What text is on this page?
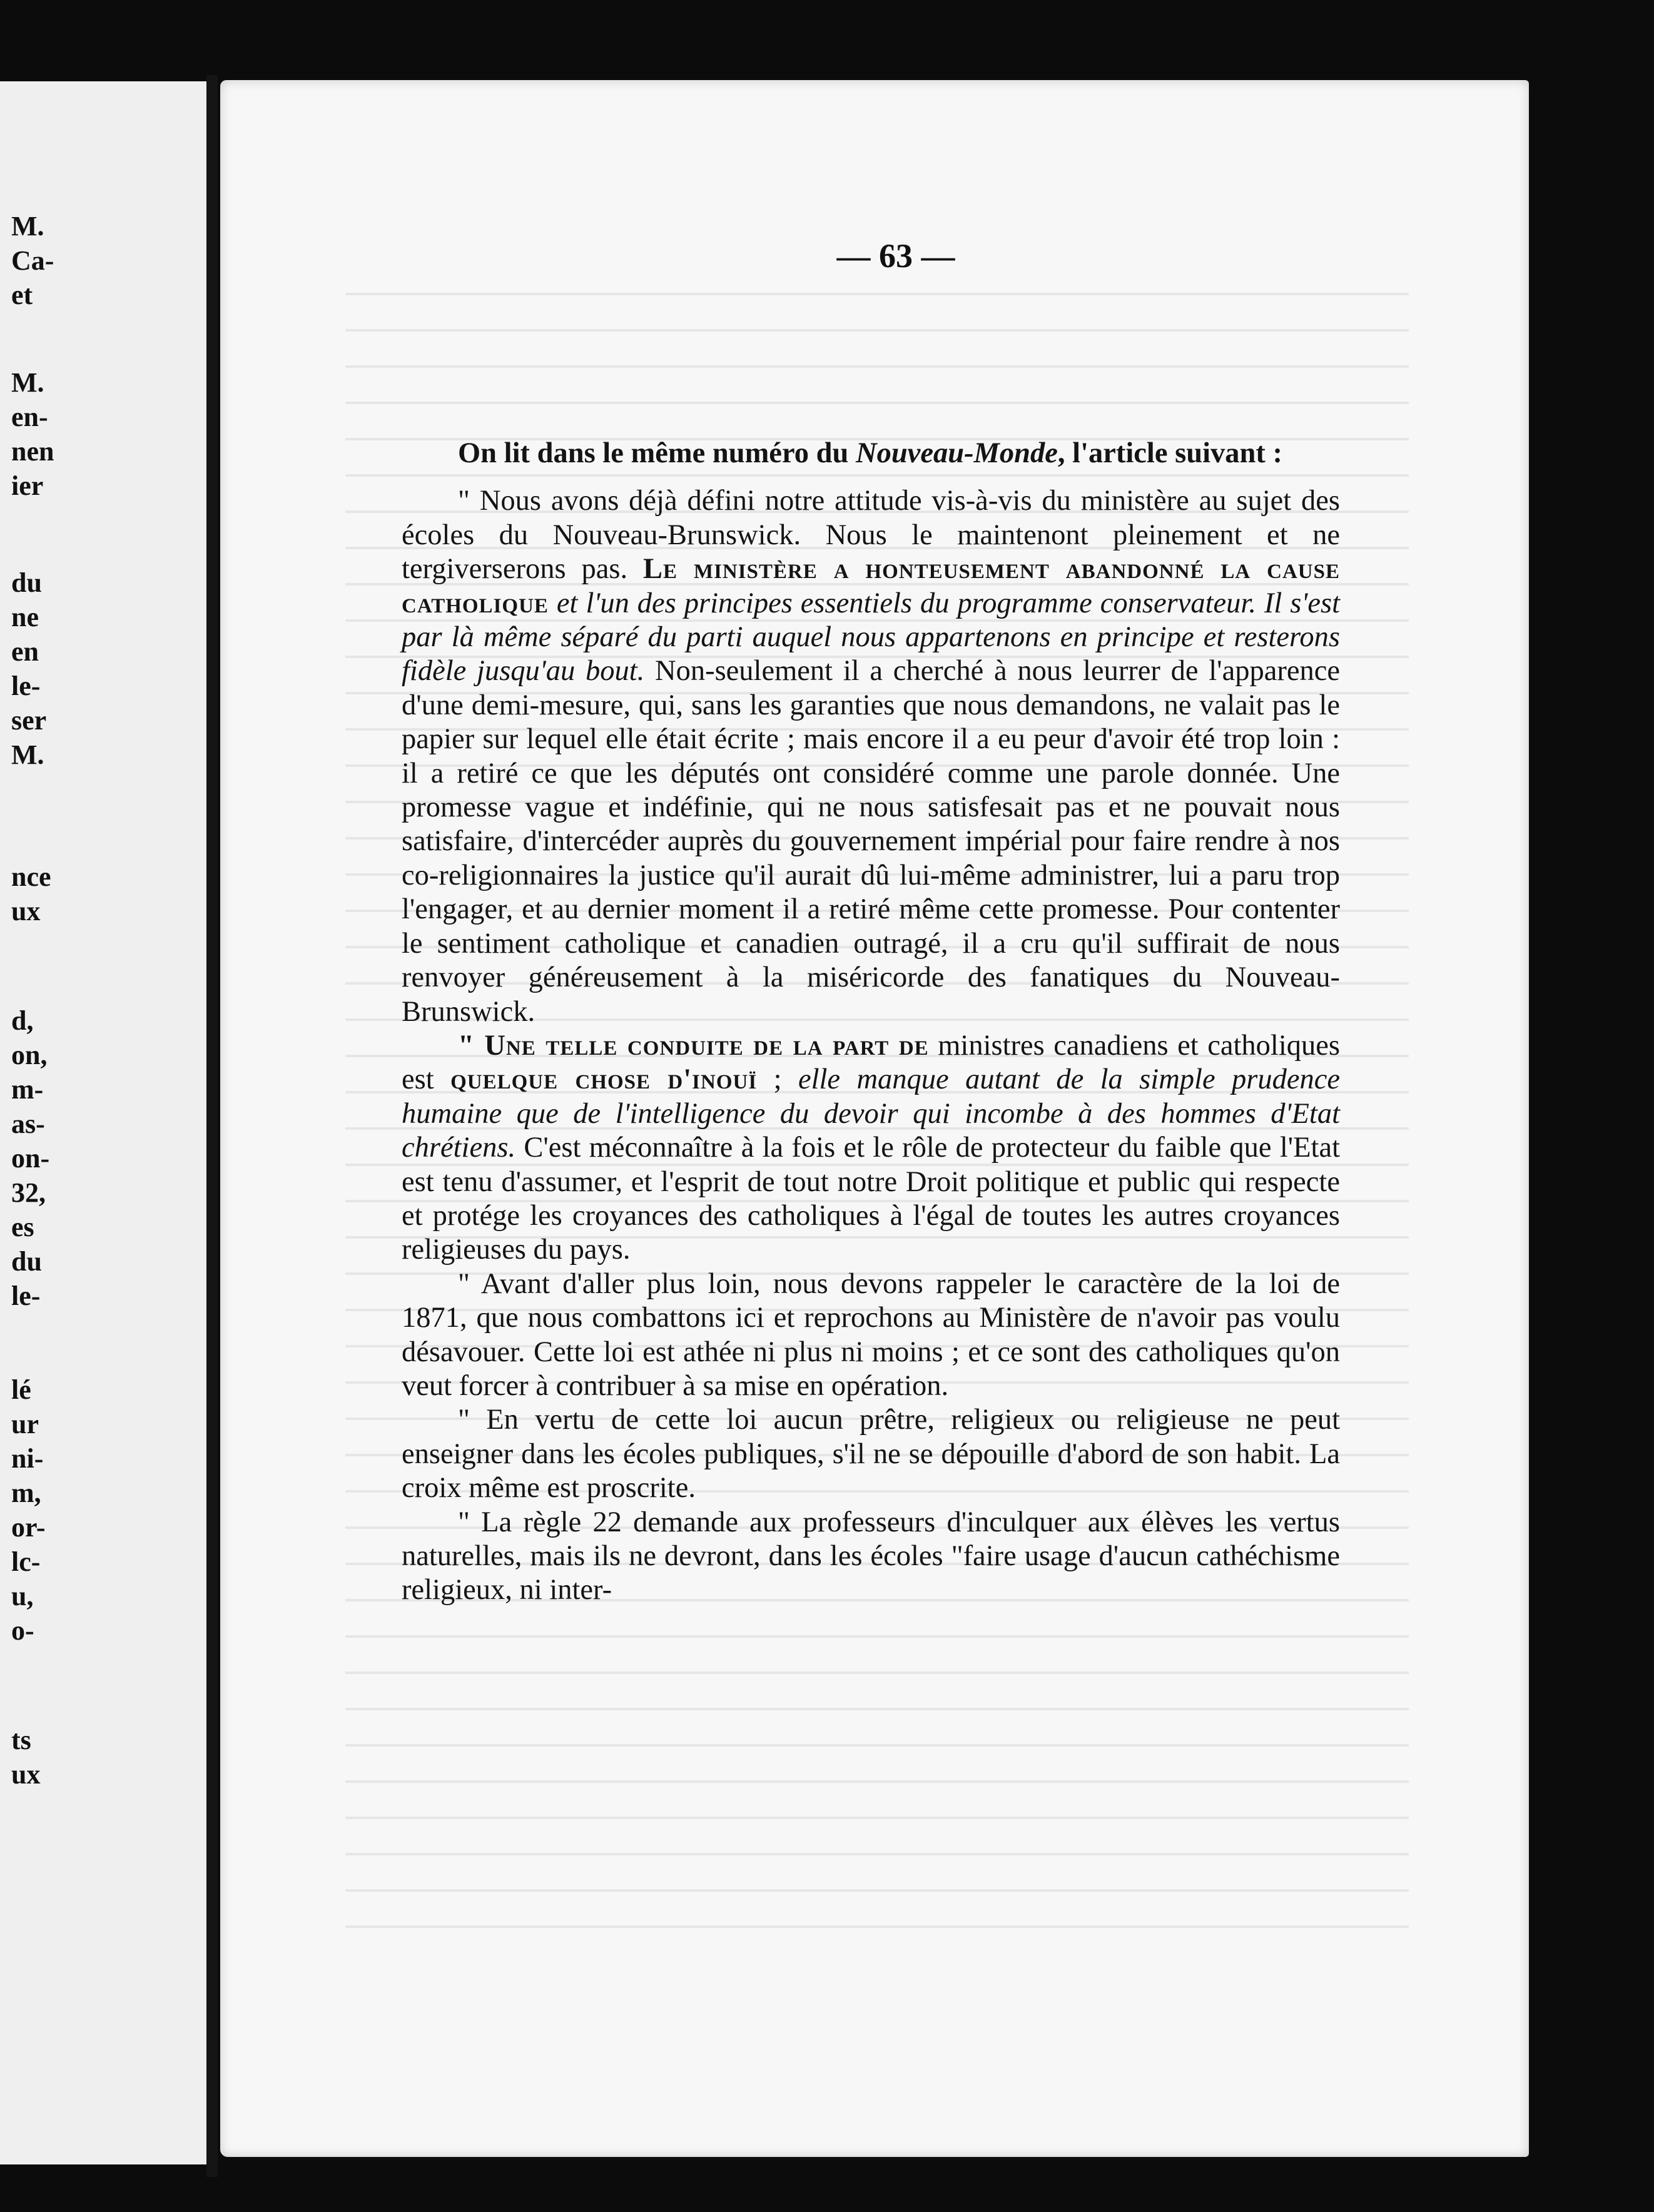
M.
Ca-
et
M.
en-
nen
ier
du
ne
en
le-
ser
M.
nce
ux
d,
on,
m-
as-
on-
32,
es
du
le-
lé
ur
ni-
m,
or-
lc-
u,
o-
ts
ux
— 63 —

On lit dans le même numéro du Nouveau-Monde, l'article suivant :

" Nous avons déjà défini notre attitude vis-à-vis du ministère au sujet des écoles du Nouveau-Brunswick. Nous le maintenont pleinement et ne tergiverserons pas. Le ministère a honteusement abandonné la cause catholique et l'un des principes essentiels du programme conservateur. Il s'est par là même séparé du parti auquel nous appartenons en principe et resterons fidèle jusqu'au bout. Non-seulement il a cherché à nous leurrer de l'apparence d'une demi-mesure, qui, sans les garanties que nous demandons, ne valait pas le papier sur lequel elle était écrite ; mais encore il a eu peur d'avoir été trop loin : il a retiré ce que les députés ont considéré comme une parole donnée. Une promesse vague et indéfinie, qui ne nous satisfesait pas et ne pouvait nous satisfaire, d'intercéder auprès du gouvernement impérial pour faire rendre à nos co-religionnaires la justice qu'il aurait dû lui-même administrer, lui a paru trop l'engager, et au dernier moment il a retiré même cette promesse. Pour contenter le sentiment catholique et canadien outragé, il a cru qu'il suffirait de nous renvoyer généreusement à la miséricorde des fanatiques du Nouveau-Brunswick.

" Une telle conduite de la part de ministres canadiens et catholiques est quelque chose d'inouï ; elle manque autant de la simple prudence humaine que de l'intelligence du devoir qui incombe à des hommes d'Etat chrétiens. C'est méconnaître à la fois et le rôle de protecteur du faible que l'Etat est tenu d'assumer, et l'esprit de tout notre Droit politique et public qui respecte et protége les croyances des catholiques à l'égal de toutes les autres croyances religieuses du pays.

" Avant d'aller plus loin, nous devons rappeler le caractère de la loi de 1871, que nous combattons ici et reprochons au Ministère de n'avoir pas voulu désavouer. Cette loi est athée ni plus ni moins ; et ce sont des catholiques qu'on veut forcer à contribuer à sa mise en opération.

" En vertu de cette loi aucun prêtre, religieux ou religieuse ne peut enseigner dans les écoles publiques, s'il ne se dépouille d'abord de son habit. La croix même est proscrite.

" La règle 22 demande aux professeurs d'inculquer aux élèves les vertus naturelles, mais ils ne devront, dans les écoles "faire usage d'aucun cathéchisme religieux, ni inter-
